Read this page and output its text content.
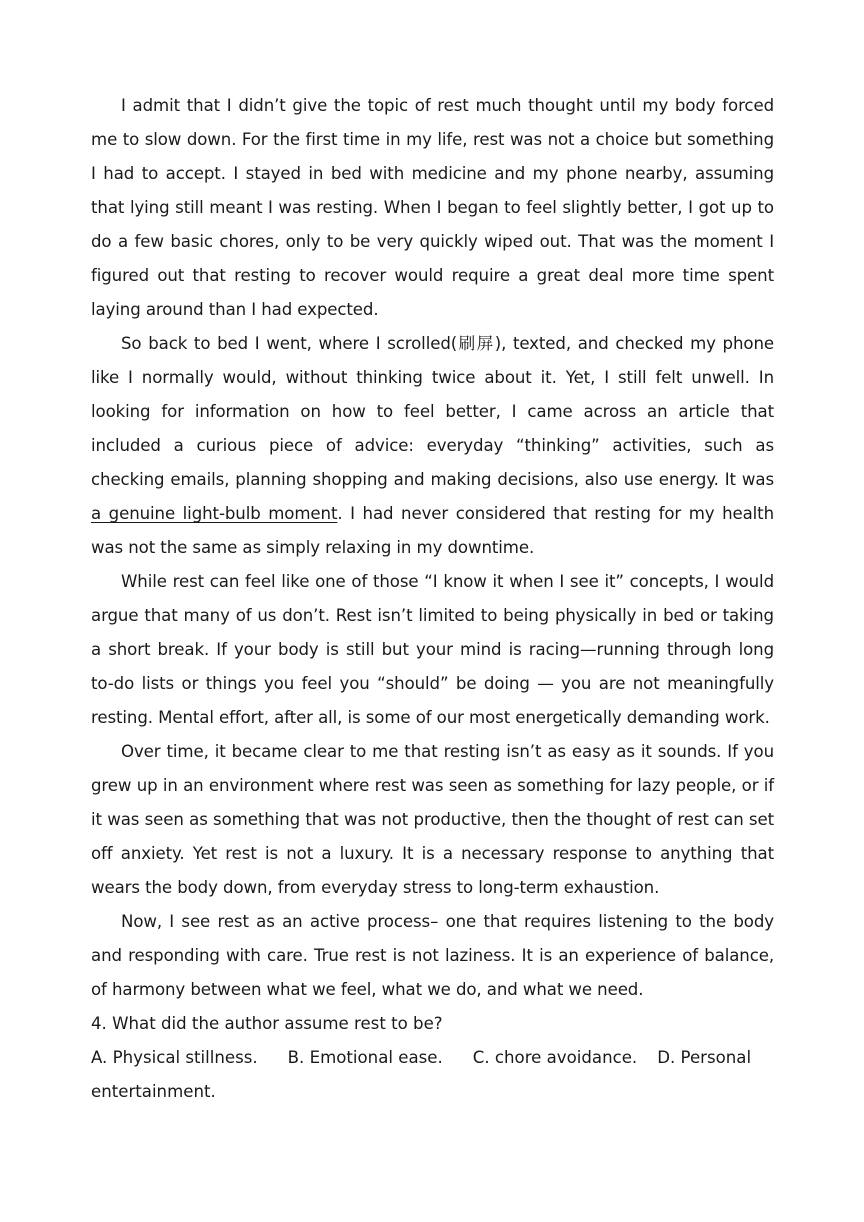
I admit that I didn’t give the topic of rest much thought until my body forced me to slow down. For the first time in my life, rest was not a choice but something I had to accept. I stayed in bed with medicine and my phone nearby, assuming that lying still meant I was resting. When I began to feel slightly better, I got up to do a few basic chores, only to be very quickly wiped out. That was the moment I figured out that resting to recover would require a great deal more time spent laying around than I had expected.

So back to bed I went, where I scrolled(刷屏), texted, and checked my phone like I normally would, without thinking twice about it. Yet, I still felt unwell. In looking for information on how to feel better, I came across an article that included a curious piece of advice: everyday “thinking” activities, such as checking emails, planning shopping and making decisions, also use energy. It was a genuine light-bulb moment. I had never considered that resting for my health was not the same as simply relaxing in my downtime.

While rest can feel like one of those “I know it when I see it” concepts, I would argue that many of us don’t. Rest isn’t limited to being physically in bed or taking a short break. If your body is still but your mind is racing—running through long to-do lists or things you feel you “should” be doing — you are not meaningfully resting. Mental effort, after all, is some of our most energetically demanding work.

Over time, it became clear to me that resting isn’t as easy as it sounds. If you grew up in an environment where rest was seen as something for lazy people, or if it was seen as something that was not productive, then the thought of rest can set off anxiety. Yet rest is not a luxury. It is a necessary response to anything that wears the body down, from everyday stress to long-term exhaustion.

Now, I see rest as an active process– one that requires listening to the body and responding with care. True rest is not laziness. It is an experience of balance, of harmony between what we feel, what we do, and what we need.

4. What did the author assume rest to be?

A. Physical stillness. B. Emotional ease. C. chore avoidance. D. Personal entertainment.
